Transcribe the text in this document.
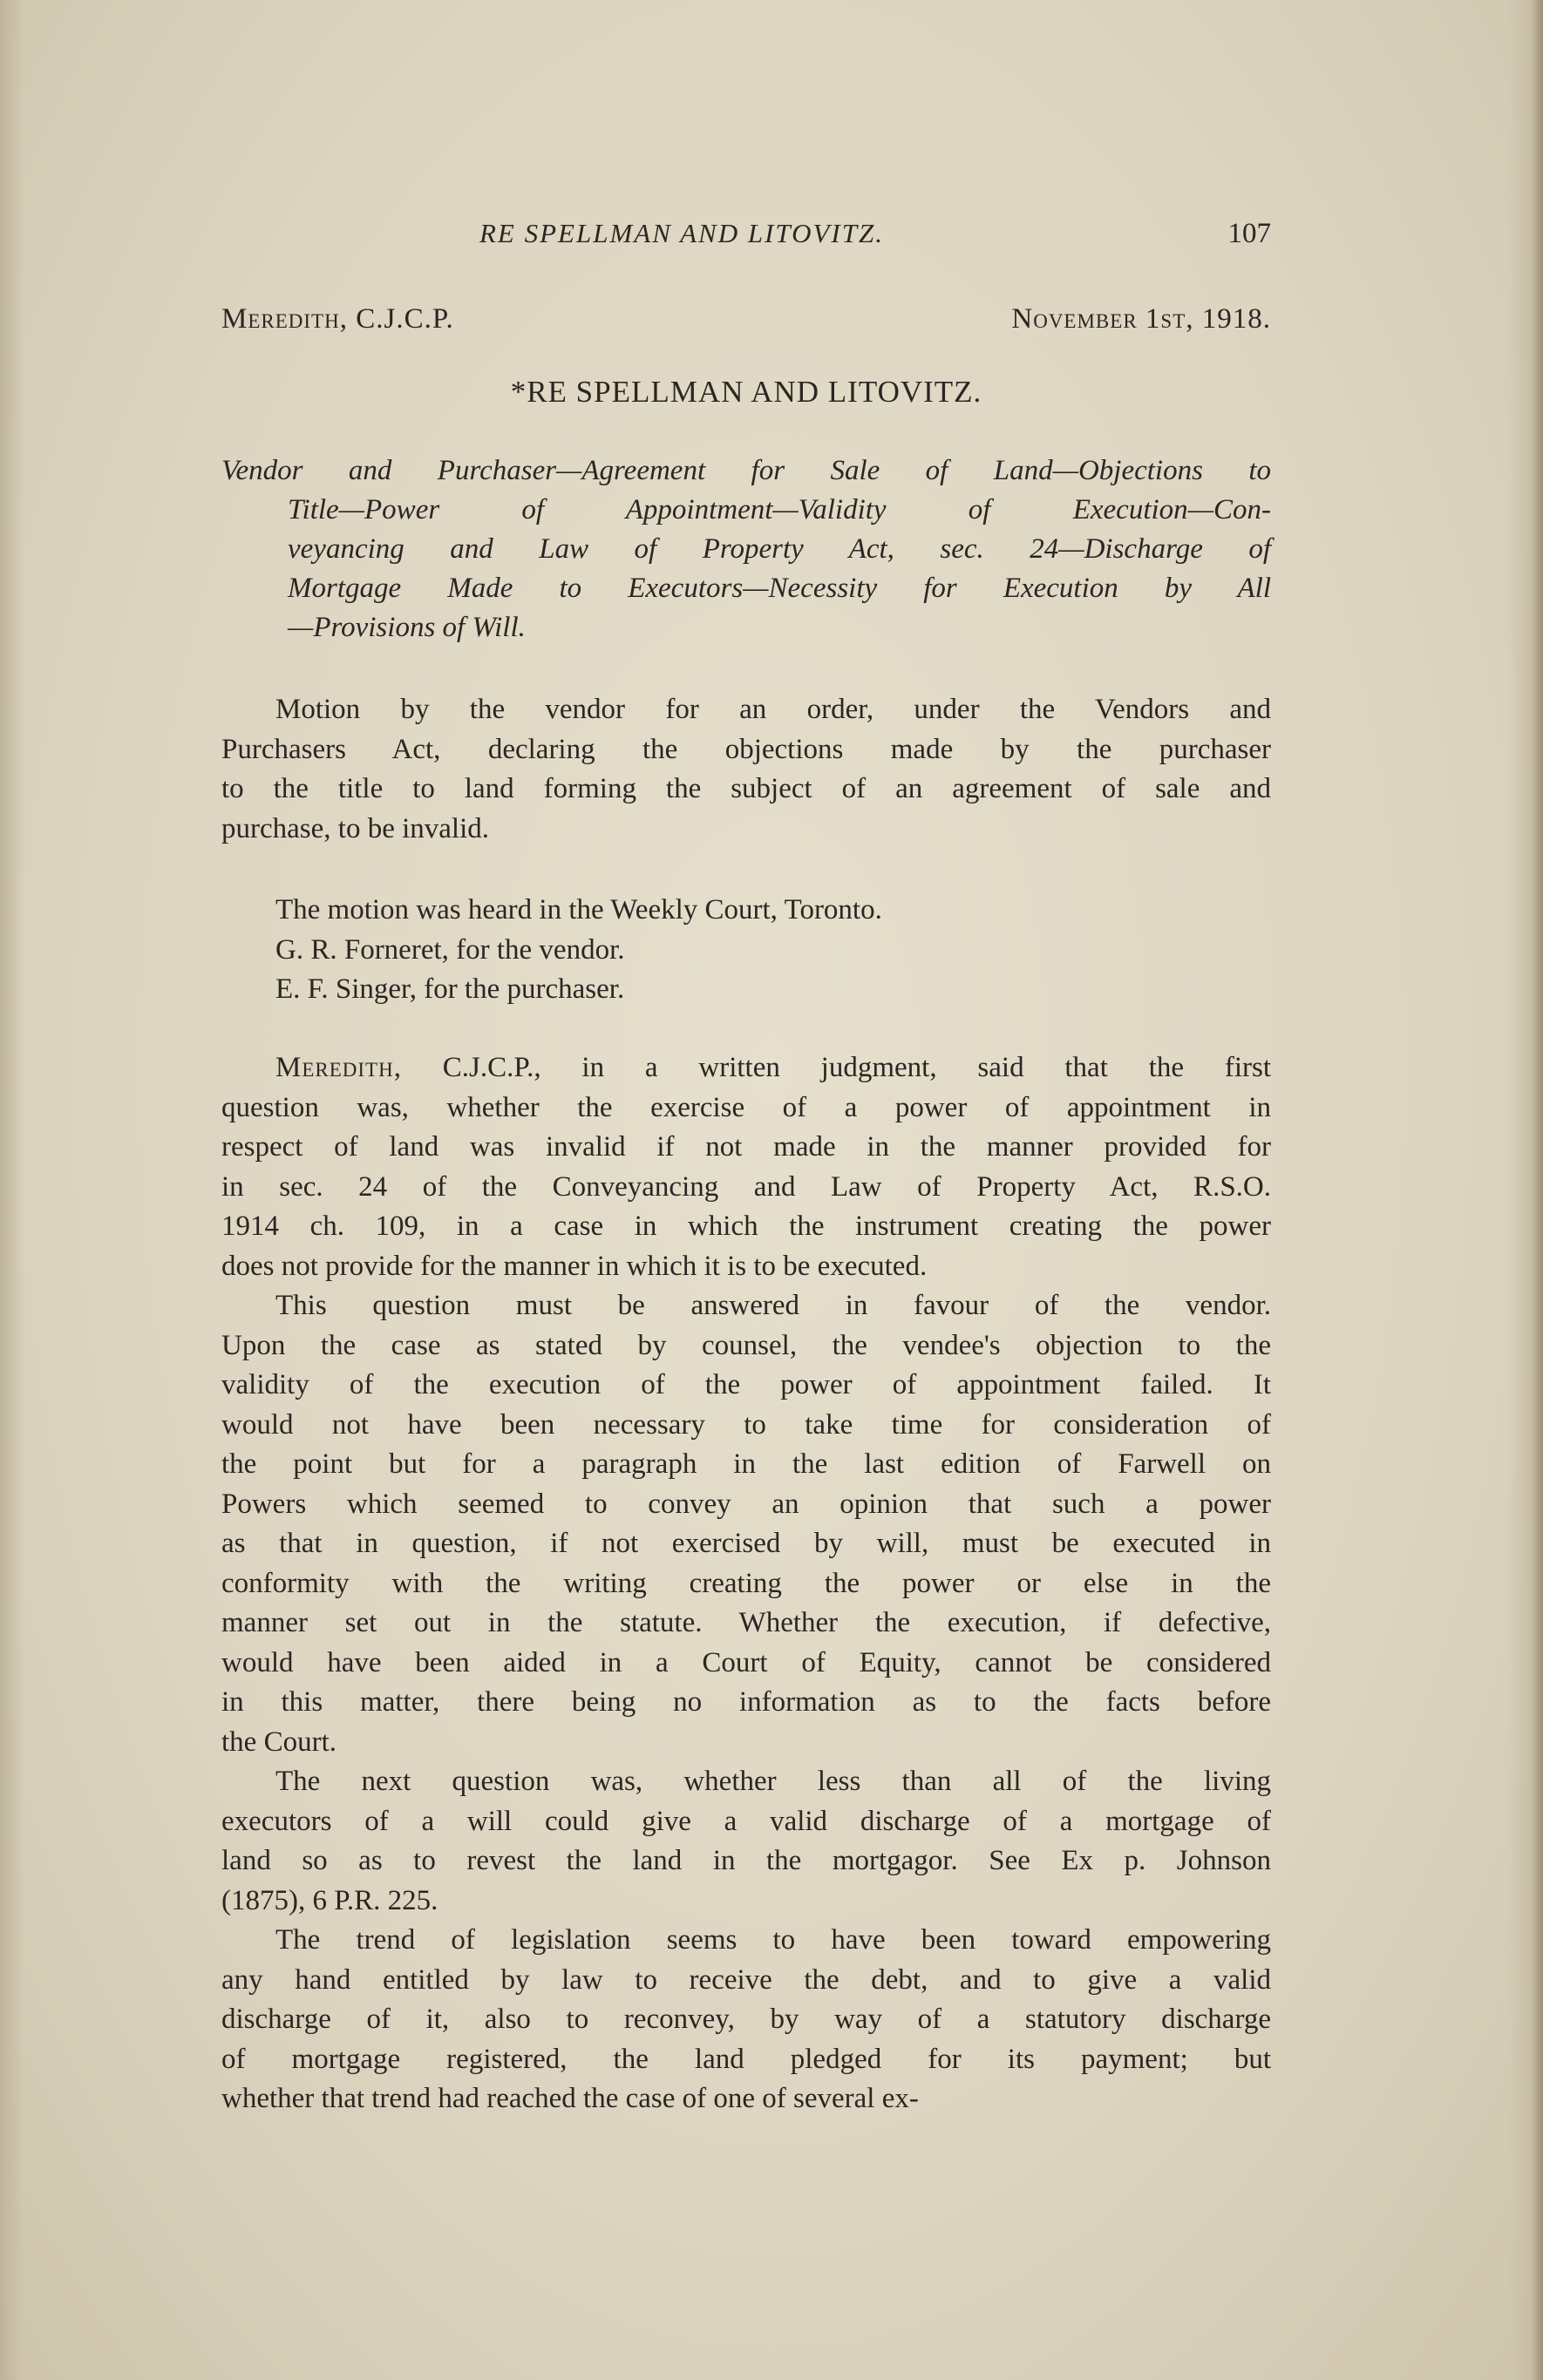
RE SPELLMAN AND LITOVITZ.	107
Meredith, C.J.C.P.	November 1st, 1918.
*RE SPELLMAN AND LITOVITZ.
Vendor and Purchaser—Agreement for Sale of Land—Objections to
Title—Power of Appointment—Validity of Execution—Con-
veyancing and Law of Property Act, sec. 24—Discharge of
Mortgage Made to Executors—Necessity for Execution by All
—Provisions of Will.
Motion by the vendor for an order, under the Vendors and
Purchasers Act, declaring the objections made by the purchaser
to the title to land forming the subject of an agreement of sale and
purchase, to be invalid.
The motion was heard in the Weekly Court, Toronto.
G. R. Forneret, for the vendor.
E. F. Singer, for the purchaser.
Meredith, C.J.C.P., in a written judgment, said that the first
question was, whether the exercise of a power of appointment in
respect of land was invalid if not made in the manner provided for
in sec. 24 of the Conveyancing and Law of Property Act, R.S.O.
1914 ch. 109, in a case in which the instrument creating the power
does not provide for the manner in which it is to be executed.
This question must be answered in favour of the vendor.
Upon the case as stated by counsel, the vendee's objection to the
validity of the execution of the power of appointment failed. It
would not have been necessary to take time for consideration of
the point but for a paragraph in the last edition of Farwell on
Powers which seemed to convey an opinion that such a power
as that in question, if not exercised by will, must be executed in
conformity with the writing creating the power or else in the
manner set out in the statute. Whether the execution, if defective,
would have been aided in a Court of Equity, cannot be considered
in this matter, there being no information as to the facts before
the Court.
The next question was, whether less than all of the living
executors of a will could give a valid discharge of a mortgage of
land so as to revest the land in the mortgagor. See Ex p. Johnson
(1875), 6 P.R. 225.
The trend of legislation seems to have been toward empowering
any hand entitled by law to receive the debt, and to give a valid
discharge of it, also to reconvey, by way of a statutory discharge
of mortgage registered, the land pledged for its payment; but
whether that trend had reached the case of one of several ex-
